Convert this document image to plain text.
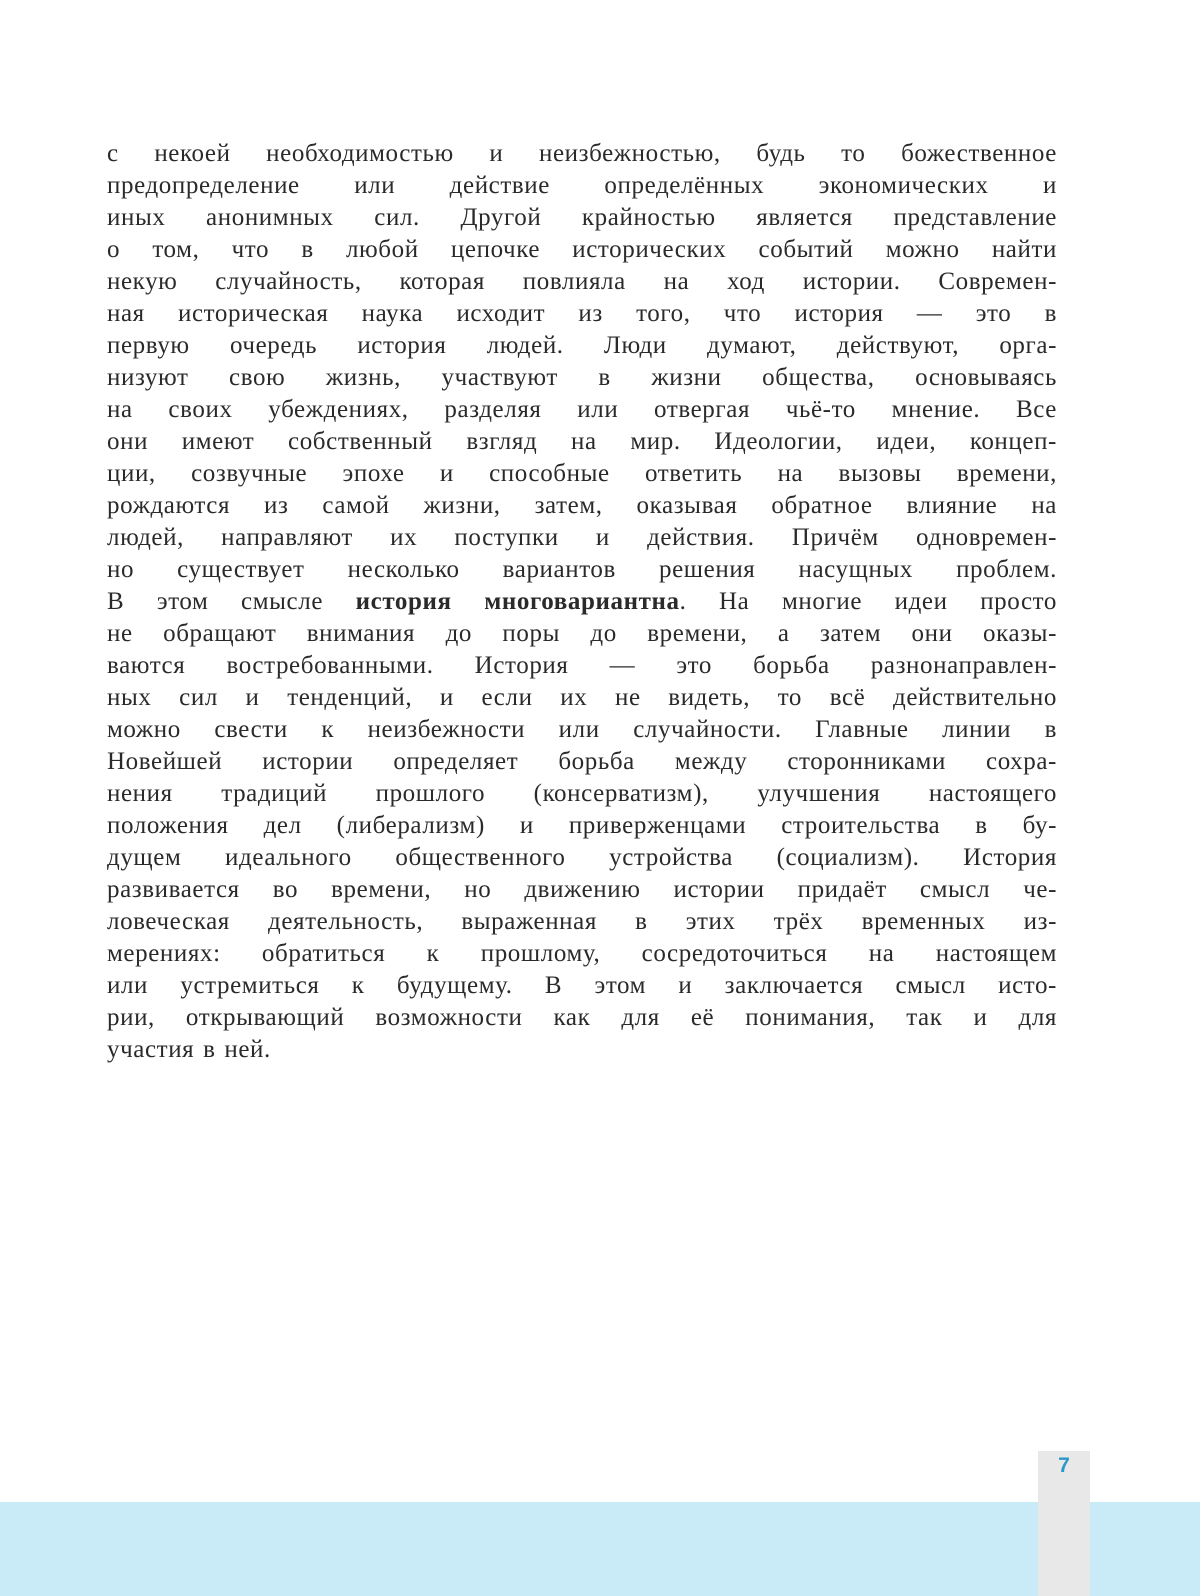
с некоей необходимостью и неизбежностью, будь то божественное
предопределение или действие определённых экономических и
иных анонимных сил. Другой крайностью является представление
о том, что в любой цепочке исторических событий можно найти
некую случайность, которая повлияла на ход истории. Современ-
ная историческая наука исходит из того, что история — это в
первую очередь история людей. Люди думают, действуют, орга-
низуют свою жизнь, участвуют в жизни общества, основываясь
на своих убеждениях, разделяя или отвергая чьё-то мнение. Все
они имеют собственный взгляд на мир. Идеологии, идеи, концеп-
ции, созвучные эпохе и способные ответить на вызовы времени,
рождаются из самой жизни, затем, оказывая обратное влияние на
людей, направляют их поступки и действия. Причём одновремен-
но существует несколько вариантов решения насущных проблем.
В этом смысле история многовариантна. На многие идеи просто
не обращают внимания до поры до времени, а затем они оказы-
ваются востребованными. История — это борьба разнонаправлен-
ных сил и тенденций, и если их не видеть, то всё действительно
можно свести к неизбежности или случайности. Главные линии в
Новейшей истории определяет борьба между сторонниками сохра-
нения традиций прошлого (консерватизм), улучшения настоящего
положения дел (либерализм) и приверженцами строительства в бу-
дущем идеального общественного устройства (социализм). История
развивается во времени, но движению истории придаёт смысл че-
ловеческая деятельность, выраженная в этих трёх временных из-
мерениях: обратиться к прошлому, сосредоточиться на настоящем
или устремиться к будущему. В этом и заключается смысл исто-
рии, открывающий возможности как для её понимания, так и для
участия в ней.
7
